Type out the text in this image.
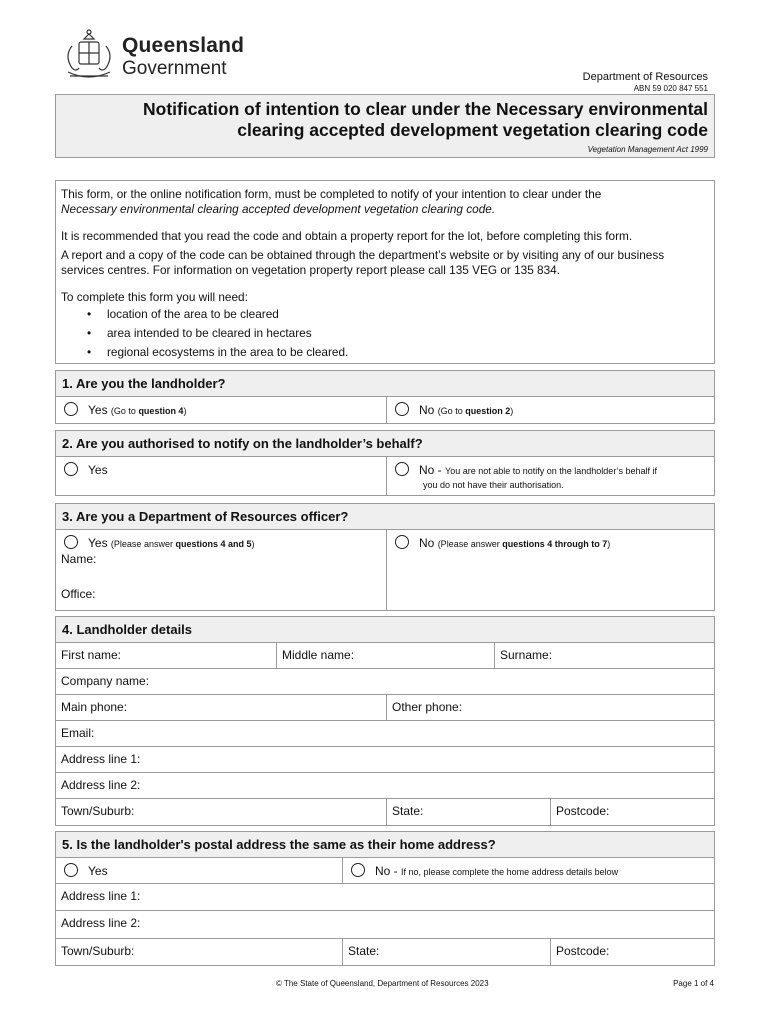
Queensland
Government	Department of Resources
ABN 59 020 847 551
Notification of intention to clear under the Necessary environmental
clearing accepted development vegetation clearing code
Vegetation Management Act 1999

This form, or the online notification form, must be completed to notify of your intention to clear under the
Necessary environmental clearing accepted development vegetation clearing code.

It is recommended that you read the code and obtain a property report for the lot, before completing this form.

A report and a copy of the code can be obtained through the department’s website or by visiting any of our business services centres. For information on vegetation property report please call 135 VEG or 135 834.

To complete this form you will need:

• location of the area to be cleared
• area intended to be cleared in hectares
• regional ecosystems in the area to be cleared.
1. Are you the landholder?
Yes (Go to question 4)	No (Go to question 2)
2. Are you authorised to notify on the landholder’s behalf?
Yes	No - You are not able to notify on the landholder’s behalf if
you do not have their authorisation.
3. Are you a Department of Resources officer?
Yes (Please answer questions 4 and 5)
Name:
Office:
No (Please answer questions 4 through to 7)
4. Landholder details
First name:	Middle name:	Surname:
Company name:
Main phone:	Other phone:
Email:
Address line 1:
Address line 2:
Town/Suburb:	State:	Postcode:
5. Is the landholder's postal address the same as their home address?
Yes	No - If no, please complete the home address details below
Address line 1:
Address line 2:
Town/Suburb:	State:	Postcode:
© The State of Queensland, Department of Resources 2023	Page 1 of 4
